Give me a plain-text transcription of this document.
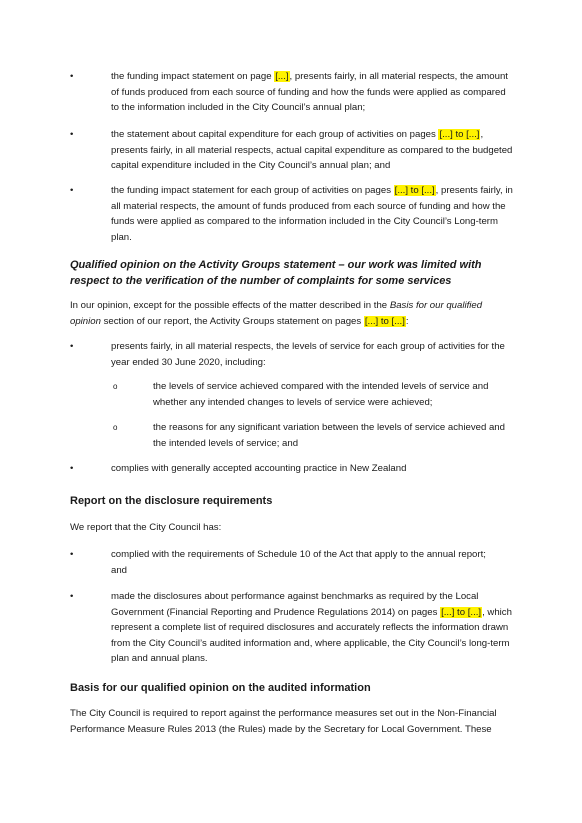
•	the funding impact statement on page [...], presents fairly, in all material respects, the amount of funds produced from each source of funding and how the funds were applied as compared to the information included in the City Council’s annual plan;

•	the statement about capital expenditure for each group of activities on pages [...] to [...], presents fairly, in all material respects, actual capital expenditure as compared to the budgeted capital expenditure included in the City Council’s annual plan; and

•	the funding impact statement for each group of activities on pages [...] to [...], presents fairly, in all material respects, the amount of funds produced from each source of funding and how the funds were applied as compared to the information included in the City Council’s Long-term plan.

Qualified opinion on the Activity Groups statement – our work was limited with respect to the verification of the number of complaints for some services

In our opinion, except for the possible effects of the matter described in the Basis for our qualified opinion section of our report, the Activity Groups statement on pages [...] to [...]:

•	presents fairly, in all material respects, the levels of service for each group of activities for the year ended 30 June 2020, including:

o	the levels of service achieved compared with the intended levels of service and whether any intended changes to levels of service were achieved;

o	the reasons for any significant variation between the levels of service achieved and the intended levels of service; and

•	complies with generally accepted accounting practice in New Zealand

Report on the disclosure requirements

We report that the City Council has:

•	complied with the requirements of Schedule 10 of the Act that apply to the annual report;
and

•	made the disclosures about performance against benchmarks as required by the Local Government (Financial Reporting and Prudence Regulations 2014) on pages [...] to [...], which represent a complete list of required disclosures and accurately reflects the information drawn from the City Council’s audited information and, where applicable, the City Council’s long-term plan and annual plans.

Basis for our qualified opinion on the audited information

The City Council is required to report against the performance measures set out in the Non-Financial Performance Measure Rules 2013 (the Rules) made by the Secretary for Local Government. These
